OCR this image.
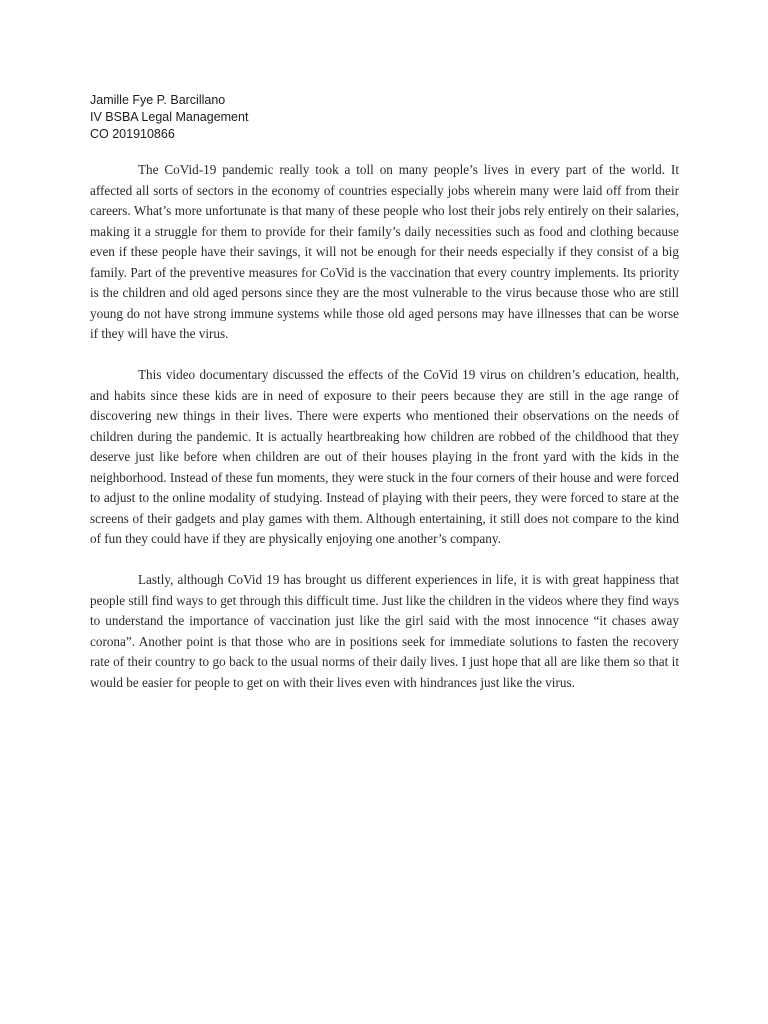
Jamille Fye P. Barcillano
IV BSBA Legal Management
CO 201910866

The CoVid-19 pandemic really took a toll on many people’s lives in every part of the world. It affected all sorts of sectors in the economy of countries especially jobs wherein many were laid off from their careers. What’s more unfortunate is that many of these people who lost their jobs rely entirely on their salaries, making it a struggle for them to provide for their family’s daily necessities such as food and clothing because even if these people have their savings, it will not be enough for their needs especially if they consist of a big family. Part of the preventive measures for CoVid is the vaccination that every country implements. Its priority is the children and old aged persons since they are the most vulnerable to the virus because those who are still young do not have strong immune systems while those old aged persons may have illnesses that can be worse if they will have the virus.

This video documentary discussed the effects of the CoVid 19 virus on children’s education, health, and habits since these kids are in need of exposure to their peers because they are still in the age range of discovering new things in their lives. There were experts who mentioned their observations on the needs of children during the pandemic. It is actually heartbreaking how children are robbed of the childhood that they deserve just like before when children are out of their houses playing in the front yard with the kids in the neighborhood. Instead of these fun moments, they were stuck in the four corners of their house and were forced to adjust to the online modality of studying. Instead of playing with their peers, they were forced to stare at the screens of their gadgets and play games with them. Although entertaining, it still does not compare to the kind of fun they could have if they are physically enjoying one another’s company.

Lastly, although CoVid 19 has brought us different experiences in life, it is with great happiness that people still find ways to get through this difficult time. Just like the children in the videos where they find ways to understand the importance of vaccination just like the girl said with the most innocence “it chases away corona”. Another point is that those who are in positions seek for immediate solutions to fasten the recovery rate of their country to go back to the usual norms of their daily lives. I just hope that all are like them so that it would be easier for people to get on with their lives even with hindrances just like the virus.
